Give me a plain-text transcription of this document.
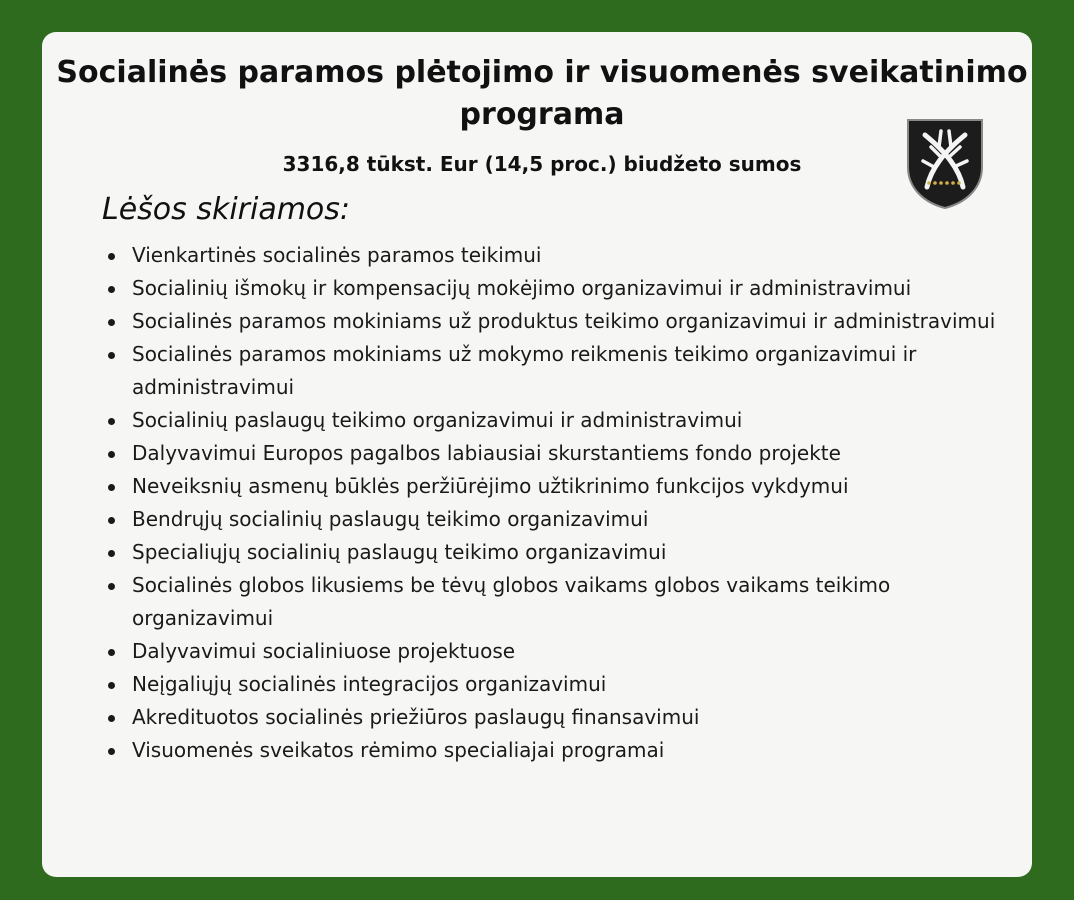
Socialinės paramos plėtojimo ir visuomenės sveikatinimo programa

3316,8 tūkst. Eur (14,5 proc.) biudžeto sumos

Lėšos skiriamos:
Vienkartinės socialinės paramos teikimui
Socialinių išmokų ir kompensacijų mokėjimo organizavimui ir administravimui
Socialinės paramos mokiniams už produktus teikimo organizavimui ir administravimui
Socialinės paramos mokiniams už mokymo reikmenis teikimo organizavimui ir administravimui
Socialinių paslaugų teikimo organizavimui ir administravimui
Dalyvavimui Europos pagalbos labiausiai skurstantiems fondo projekte
Neveiksnių asmenų būklės peržiūrėjimo užtikrinimo funkcijos vykdymui
Bendrųjų socialinių paslaugų teikimo organizavimui
Specialiųjų socialinių paslaugų teikimo organizavimui
Socialinės globos likusiems be tėvų globos vaikams globos vaikams teikimo organizavimui
Dalyvavimui socialiniuose projektuose
Neįgaliųjų socialinės integracijos organizavimui
Akredituotos socialinės priežiūros paslaugų finansavimui
Visuomenės sveikatos rėmimo specialiajai programai
